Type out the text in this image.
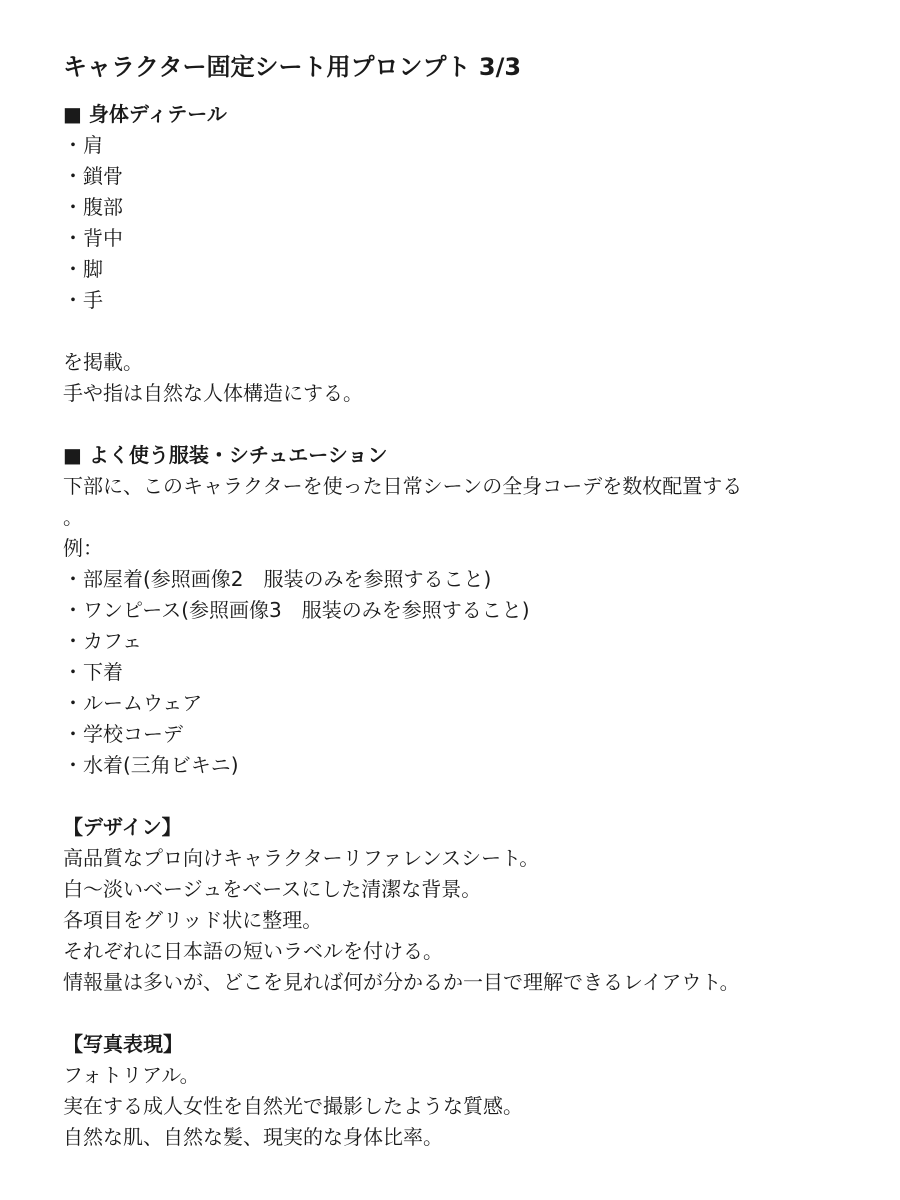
キャラクター固定シート用プロンプト 3/3
■ 身体ディテール
・肩
・鎖骨
・腹部
・背中
・脚
・手
を掲載。
手や指は自然な人体構造にする。
■ よく使う服装・シチュエーション
下部に、このキャラクターを使った日常シーンの全身コーデを数枚配置する
。
例：
・部屋着(参照画像2　服装のみを参照すること)
・ワンピース(参照画像3　服装のみを参照すること)
・カフェ
・下着
・ルームウェア
・学校コーデ
・水着(三角ビキニ)
【デザイン】
高品質なプロ向けキャラクターリファレンスシート。
白〜淡いベージュをベースにした清潔な背景。
各項目をグリッド状に整理。
それぞれに日本語の短いラベルを付ける。
情報量は多いが、どこを見れば何が分かるか一目で理解できるレイアウト。
【写真表現】
フォトリアル。
実在する成人女性を自然光で撮影したような質感。
自然な肌、自然な髪、現実的な身体比率。
